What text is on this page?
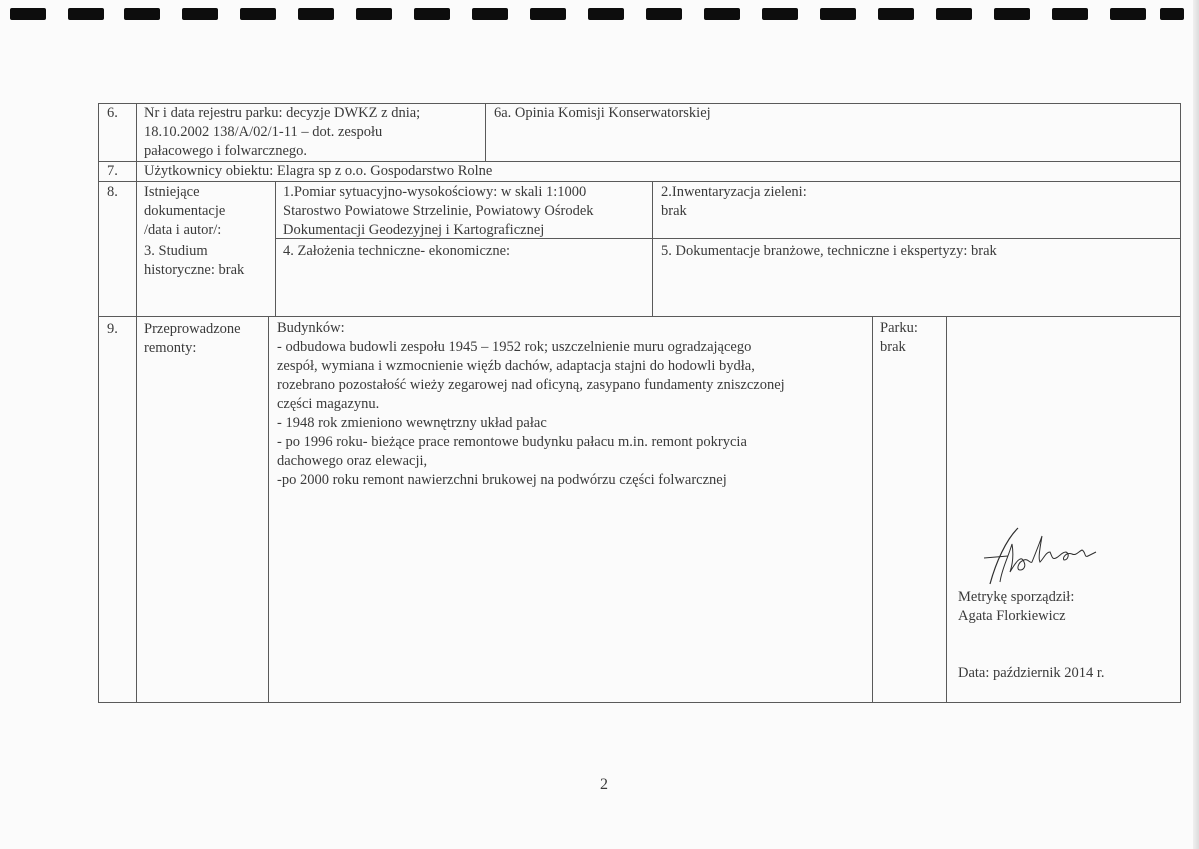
6. Nr i data rejestru parku: decyzje DWKZ z dnia;
18.10.2002 138/A/02/1-11 – dot. zespołu
pałacowego i folwarcznego.
6a. Opinia Komisji Konserwatorskiej
7. Użytkownicy obiektu: Elagra sp z o.o. Gospodarstwo Rolne
8. Istniejące
dokumentacje
/data i autor/:
1.Pomiar sytuacyjno-wysokościowy: w skali 1:1000
Starostwo Powiatowe Strzelinie, Powiatowy Ośrodek
Dokumentacji Geodezyjnej i Kartograficznej
2.Inwentaryzacja zieleni:
brak
3. Studium
historyczne: brak
4. Założenia techniczne- ekonomiczne:	5. Dokumentacje branżowe, techniczne i ekspertyzy: brak
9. Przeprowadzone
remonty:
Budynków:
- odbudowa budowli zespołu 1945 – 1952 rok; uszczelnienie muru ogradzającego
zespół, wymiana i wzmocnienie więźb dachów, adaptacja stajni do hodowli bydła,
rozebrano pozostałość wieży zegarowej nad oficyną, zasypano fundamenty zniszczonej
części magazynu.
- 1948 rok zmieniono wewnętrzny układ pałac
- po 1996 roku- bieżące prace remontowe budynku pałacu m.in. remont pokrycia
dachowego oraz elewacji,
-po 2000 roku remont nawierzchni brukowej na podwórzu części folwarcznej
Parku:
brak
Metrykę sporządził:
Agata Florkiewicz
Data: październik 2014 r.
2
